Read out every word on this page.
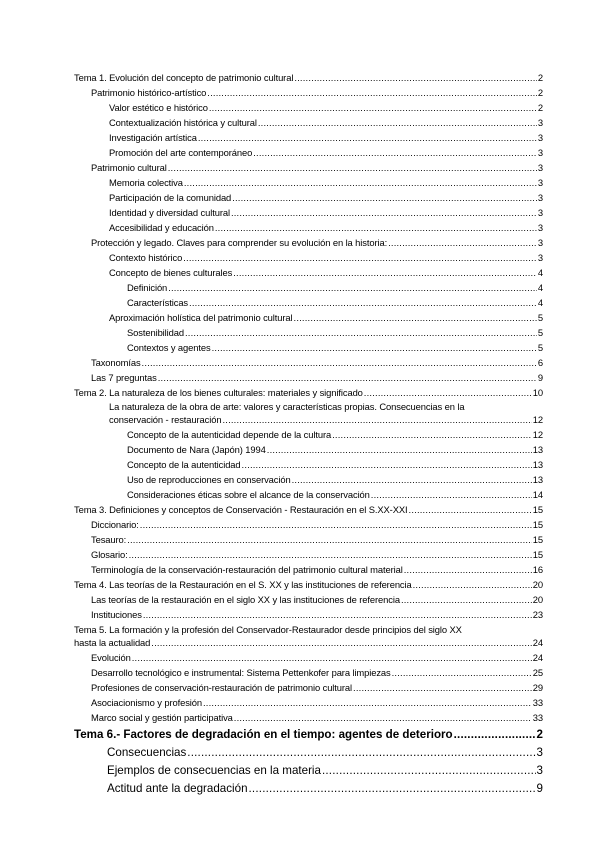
Tema 1. Evolución del concepto de patrimonio cultural .....	2
Patrimonio histórico-artístico .....	2
Valor estético e histórico .....	2
Contextualización histórica y cultural .....	3
Investigación artística .....	3
Promoción del arte contemporáneo .....	3
Patrimonio cultural .....	3
Memoria colectiva .....	3
Participación de la comunidad .....	3
Identidad y diversidad cultural .....	3
Accesibilidad y educación .....	3
Protección y legado. Claves para comprender su evolución en la historia: .....	3
Contexto histórico .....	3
Concepto de bienes culturales .....	4
Definición .....	4
Características .....	4
Aproximación holística del patrimonio cultural .....	5
Sostenibilidad .....	5
Contextos y agentes .....	5
Taxonomías .....	6
Las 7 preguntas .....	9
Tema 2. La naturaleza de los bienes culturales: materiales y significado .....	10
La naturaleza de la obra de arte: valores y características propias. Consecuencias en la
conservación - restauración .....	12
Concepto de la autenticidad depende de la cultura .....	12
Documento de Nara (Japón) 1994 .....	13
Concepto de la autenticidad .....	13
Uso de reproducciones en conservación .....	13
Consideraciones éticas sobre el alcance de la conservación .....	14
Tema 3. Definiciones y conceptos de Conservación - Restauración en el S.XX-XXI .....	15
Diccionario: .....	15
Tesauro: .....	15
Glosario: .....	15
Terminología de la conservación-restauración del patrimonio cultural material .....	16
Tema 4. Las teorías de la Restauración en el S. XX y las instituciones de referencia .....	20
Las teorías de la restauración en el siglo XX y las instituciones de referencia .....	20
Instituciones .....	23
Tema 5. La formación y la profesión del Conservador-Restaurador desde principios del siglo XX
hasta la actualidad .....	24
Evolución .....	24
Desarrollo tecnológico e instrumental: Sistema Pettenkofer para limpiezas .....	25
Profesiones de conservación-restauración de patrimonio cultural .....	29
Asociacionismo y profesión .....	33
Marco social y gestión participativa .....	33
Tema 6.- Factores de degradación en el tiempo: agentes de deterioro .....	2
Consecuencias .....	3
Ejemplos de consecuencias en la materia .....	3
Actitud ante la degradación .....	9
